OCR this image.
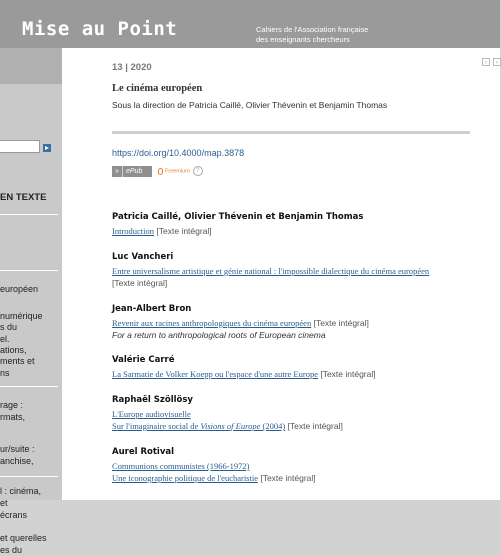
Mise au Point	Cahiers de l'Association française
des enseignants chercheurs
EN TEXTE
européen
numérique
s du
el.
ations,
ments et
ns
rage :
rmats,
ur/suite :
anchise,
l : cinéma,
et
écrans
et querelles
es du
‹	›
13 | 2020
Le cinéma européen
Sous la direction de Patricia Caillé, Olivier Thévenin et Benjamin Thomas
https://doi.org/10.4000/map.3878
» ePub	Freemium ?
Patricia Caillé, Olivier Thévenin et Benjamin Thomas
Introduction [Texte intégral]
Luc Vancheri
Entre universalisme artistique et génie national : l'impossible dialectique du cinéma européen
[Texte intégral]
Jean-Albert Bron
Revenir aux racines anthropologiques du cinéma européen [Texte intégral]
For a return to anthropological roots of European cinema
Valérie Carré
La Sarmatie de Volker Koepp ou l'espace d'une autre Europe [Texte intégral]
Raphaël Szöllösy
L'Europe audiovisuelle
Sur l'imaginaire social de Visions of Europe (2004) [Texte intégral]
Aurel Rotival
Communions communistes (1966-1972)
Une iconographie politique de l'eucharistie [Texte intégral]
